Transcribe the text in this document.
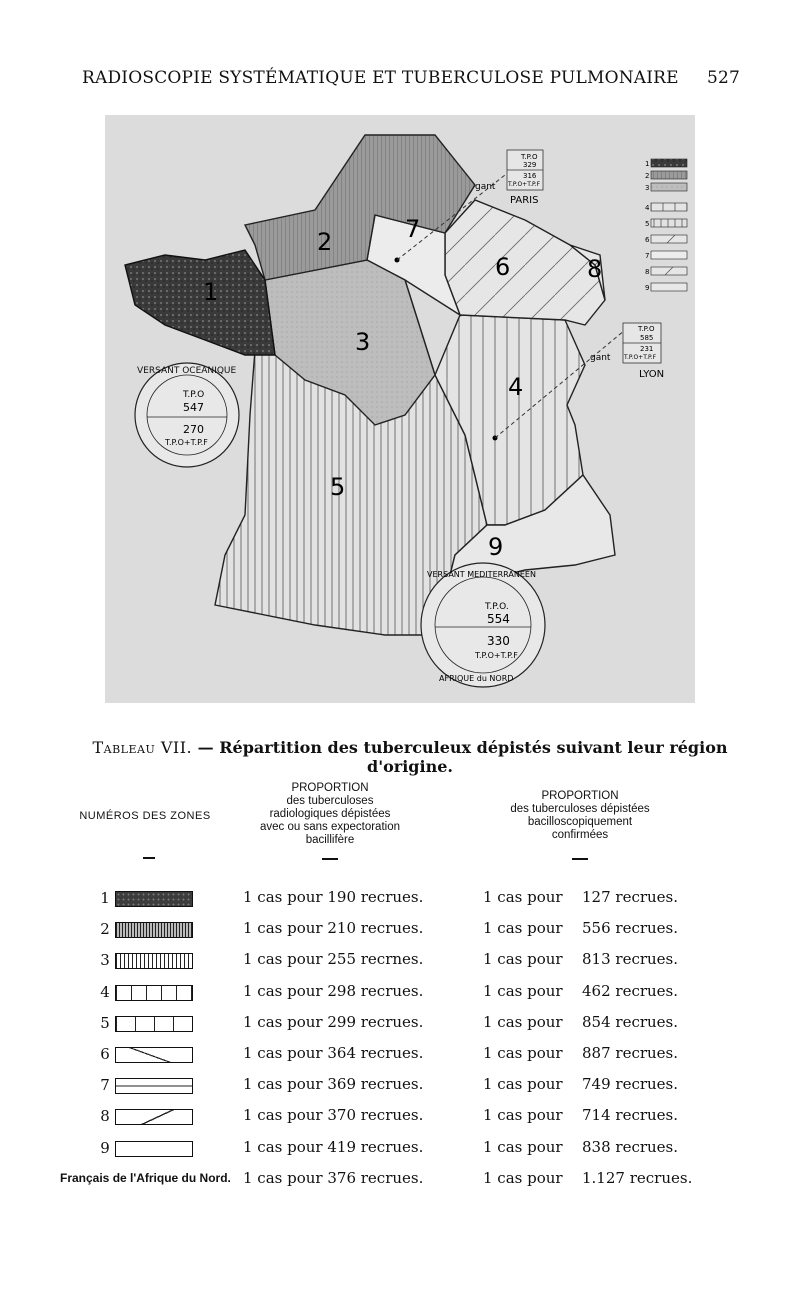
RADIOSCOPIE SYSTÉMATIQUE ET TUBERCULOSE PULMONAIRE 527
1
2
3
4
5
6
7
8
9
gant
gant
T.P.O
329
316
T.P.O+T.P.F
PARIS
T.P.O
585
231
T.P.O+T.P.F
LYON
VERSANT OCEANIQUE
T.P.O
547
270
T.P.O+T.P.F
VERSANT MEDITERRANEEN
AFRIQUE du NORD
T.P.O.
554
330
T.P.O+T.P.F
1
2
3
4
5
6
7
8
9
Tableau VII. — Répartition des tuberculeux dépistés suivant leur région d'origine.
NUMÉROS DES ZONES
PROPORTION
des tuberculoses
radiologiques dépistées
avec ou sans expectoration
bacillifère
PROPORTION
des tuberculoses dépistées
bacilloscopiquement
confirmées
1	1 cas pour 190 recrues.	1 cas pour 127 recrues.
2	1 cas pour 210 recrues.	1 cas pour 556 recrues.
3	1 cas pour 255 recrnes.	1 cas pour 813 recrues.
4	1 cas pour 298 recrues.	1 cas pour 462 recrues.
5	1 cas pour 299 recrues.	1 cas pour 854 recrues.
6	1 cas pour 364 recrues.	1 cas pour 887 recrues.
7	1 cas pour 369 recrues.	1 cas pour 749 recrues.
8	1 cas pour 370 recrues.	1 cas pour 714 recrues.
9	1 cas pour 419 recrues.	1 cas pour 838 recrues.
Français de l'Afrique du Nord. 1 cas pour 376 recrues.	1 cas pour 1.127 recrues.
